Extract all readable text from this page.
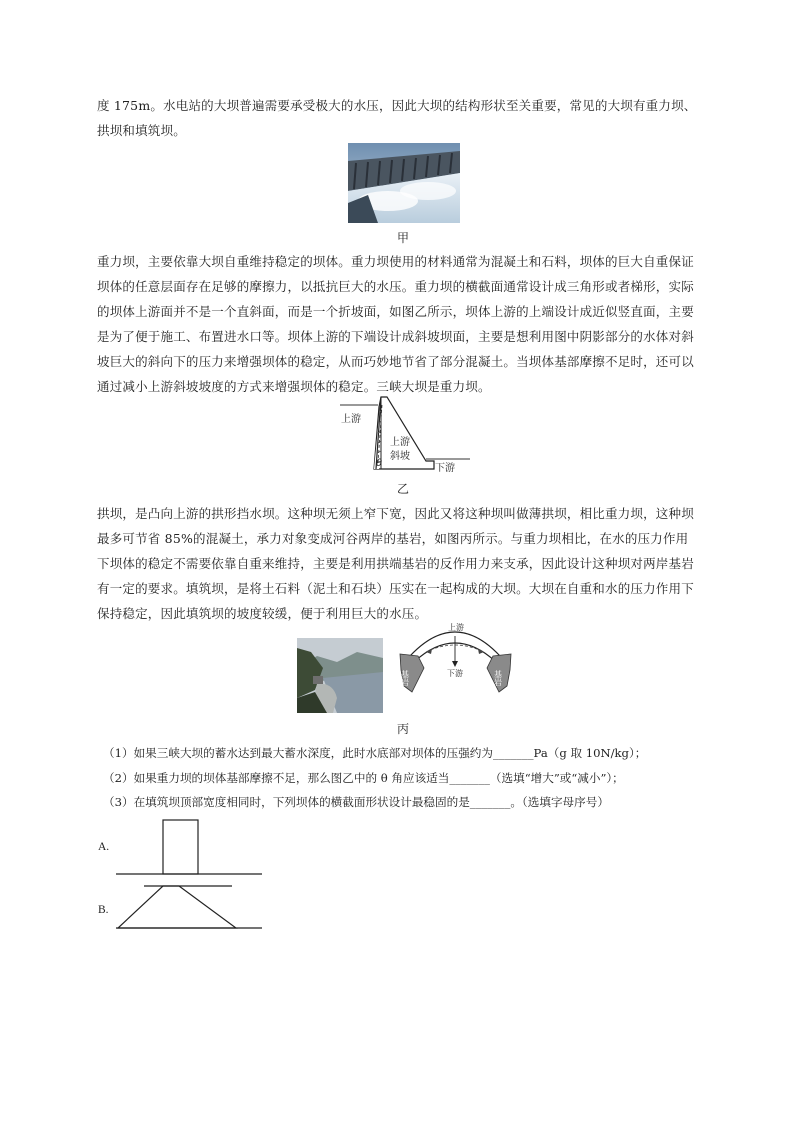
度 175m。水电站的大坝普遍需要承受极大的水压，因此大坝的结构形状至关重要，常见的大坝有重力坝、拱坝和填筑坝。
甲
重力坝，主要依靠大坝自重维持稳定的坝体。重力坝使用的材料通常为混凝土和石料，坝体的巨大自重保证坝体的任意层面存在足够的摩擦力，以抵抗巨大的水压。重力坝的横截面通常设计成三角形或者梯形，实际的坝体上游面并不是一个直斜面，而是一个折坡面，如图乙所示，坝体上游的上端设计成近似竖直面，主要是为了便于施工、布置进水口等。坝体上游的下端设计成斜坡坝面，主要是想利用图中阴影部分的水体对斜坡巨大的斜向下的压力来增强坝体的稳定，从而巧妙地节省了部分混凝土。当坝体基部摩擦不足时，还可以通过减小上游斜坡坡度的方式来增强坝体的稳定。三峡大坝是重力坝。
上游
θ
上游
斜坡
下游
乙
拱坝，是凸向上游的拱形挡水坝。这种坝无须上窄下宽，因此又将这种坝叫做薄拱坝，相比重力坝，这种坝最多可节省 85%的混凝土，承力对象变成河谷两岸的基岩，如图丙所示。与重力坝相比，在水的压力作用下坝体的稳定不需要依靠自重来维持，主要是利用拱端基岩的反作用力来支承，因此设计这种坝对两岸基岩有一定的要求。填筑坝，是将土石料（泥土和石块）压实在一起构成的大坝。大坝在自重和水的压力作用下保持稳定，因此填筑坝的坡度较缓，便于利用巨大的水压。
上游
下游
基岩	基岩
丙
（1）如果三峡大坝的蓄水达到最大蓄水深度，此时水底部对坝体的压强约为_______Pa（g 取 10N/kg）；
（2）如果重力坝的坝体基部摩擦不足，那么图乙中的 θ 角应该适当_______（选填“增大”或“减小”）；
（3）在填筑坝顶部宽度相同时，下列坝体的横截面形状设计最稳固的是_______。（选填字母序号）
A.
B.
